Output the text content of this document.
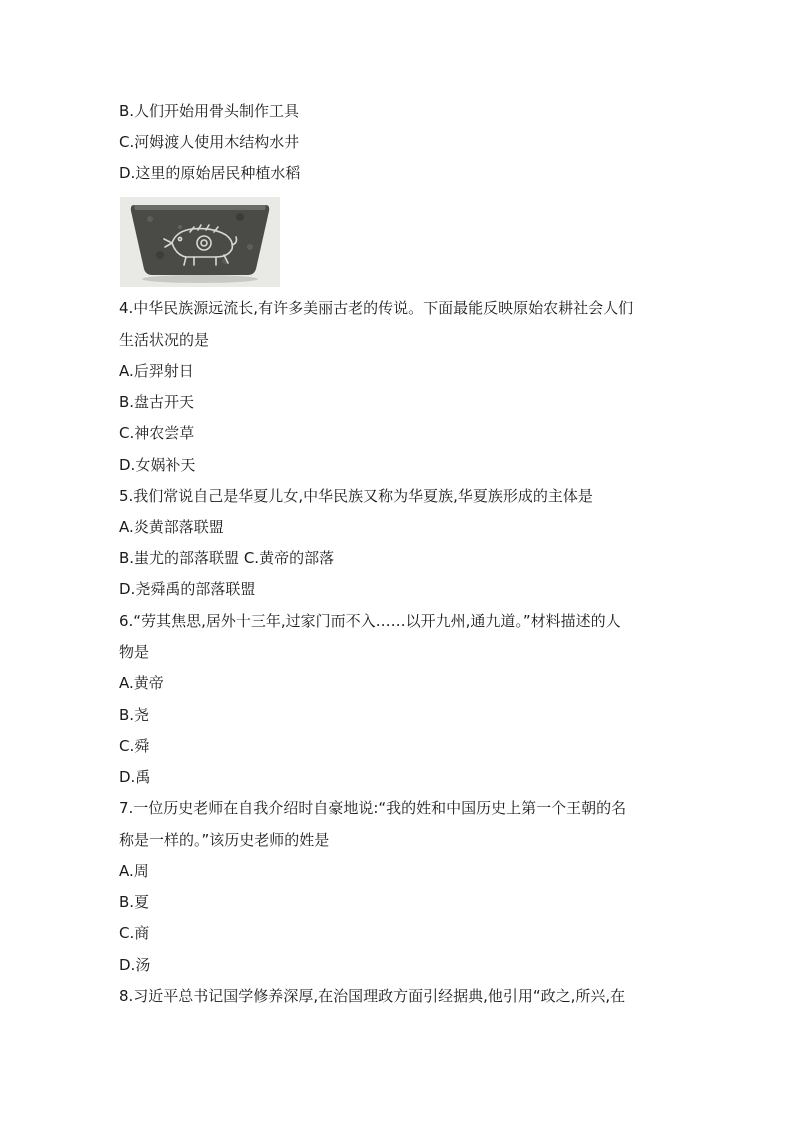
B.人们开始用骨头制作工具
C.河姆渡人使用木结构水井
D.这里的原始居民种植水稻
4.中华民族源远流长,有许多美丽古老的传说。下面最能反映原始农耕社会人们
生活状况的是
A.后羿射日
B.盘古开天
C.神农尝草
D.女娲补天
5.我们常说自己是华夏儿女,中华民族又称为华夏族,华夏族形成的主体是
A.炎黄部落联盟
B.蚩尤的部落联盟 C.黄帝的部落
D.尧舜禹的部落联盟
6.“劳其焦思,居外十三年,过家门而不入……以开九州,通九道。”材料描述的人
物是
A.黄帝
B.尧
C.舜
D.禹
7.一位历史老师在自我介绍时自豪地说:“我的姓和中国历史上第一个王朝的名
称是一样的。”该历史老师的姓是
A.周
B.夏
C.商
D.汤
8.习近平总书记国学修养深厚,在治国理政方面引经据典,他引用“政之,所兴,在
